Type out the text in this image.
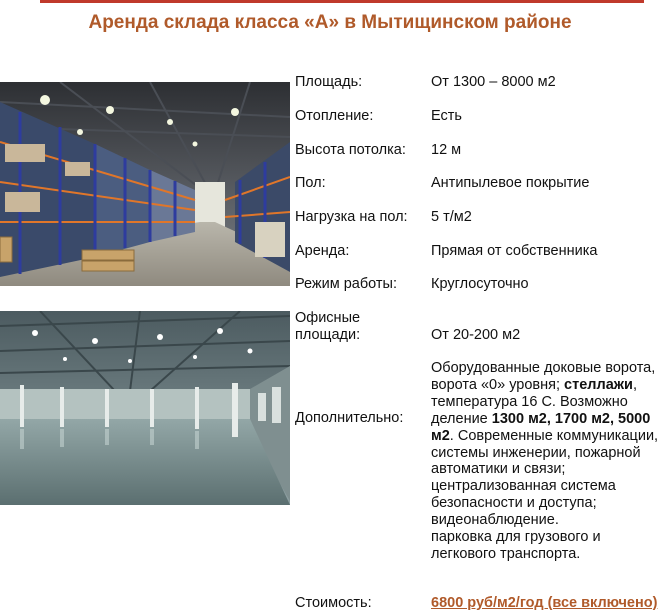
Аренда склада класса «А» в Мытищинском районе
Площадь:	От 1300 – 8000 м2
Отопление:	Есть
Высота потолка:	12 м
Пол:	Антипылевое покрытие
Нагрузка на пол:	5 т/м2
Аренда:	Прямая от собственника
Режим работы:	Круглосуточно
Офисные площади:	От 20-200 м2
Дополнительно:
Оборудованные доковые ворота, ворота «0» уровня; стеллажи, температура 16 С. Возможно деление 1300 м2, 1700 м2, 5000 м2. Современные коммуникации, системы инженерии, пожарной автоматики и связи; централизованная система безопасности и доступа; видеонаблюдение.
парковка для грузового и легкового транспорта.
Стоимость:	6800 руб/м2/год (все включено)
